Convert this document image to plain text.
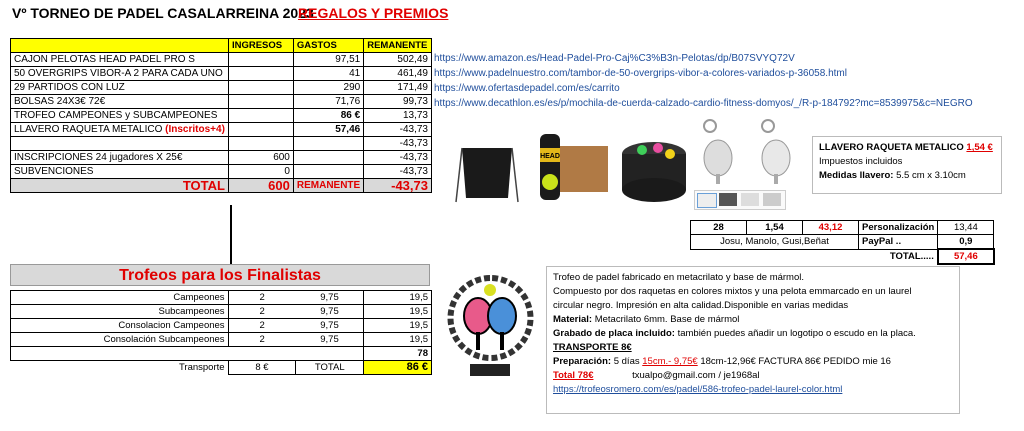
Vº TORNEO DE PADEL CASALARREINA 2023
REGALOS Y PREMIOS
	INGRESOS	GASTOS	REMANENTE
CAJON PELOTAS HEAD PADEL PRO S		97,51	502,49
50 OVERGRIPS VIBOR-A 2 PARA CADA UNO		41	461,49
29 PARTIDOS CON LUZ		290	171,49
BOLSAS 24X3€ 72€		71,76	99,73
TROFEO CAMPEONES y SUBCAMPEONES		86 €	13,73
LLAVERO RAQUETA METALICO (Inscritos+4)		57,46	-43,73
			-43,73
INSCRIPCIONES 24 jugadores X 25€	600		-43,73
SUBVENCIONES	0		-43,73
TOTAL	600	REMANENTE	-43,73
https://www.amazon.es/Head-Padel-Pro-Caj%C3%B3n-Pelotas/dp/B07SVYQ72V
https://www.padelnuestro.com/tambor-de-50-overgrips-vibor-a-colores-variados-p-36058.html
https://www.ofertasdepadel.com/es/carrito
https://www.decathlon.es/es/p/mochila-de-cuerda-calzado-cardio-fitness-domyos/_/R-p-184792?mc=8539975&c=NEGRO
HEAD
LLAVERO RAQUETA METALICO 1,54 €
Impuestos incluidos
Medidas llavero: 5.5 cm x 3.10cm
28	1,54	43,12	Personalización	13,44
Josu, Manolo, Gusi,Beñat			PayPal ..	0,9
			TOTAL.....	57,46
Trofeos para los Finalistas
Campeones	2	9,75	19,5
Subcampeones	2	9,75	19,5
Consolacion Campeones	2	9,75	19,5
Consolación Subcampeones	2	9,75	19,5
			78
Transporte	8 €	TOTAL	86 €
Trofeo de padel fabricado en metacrilato y base de mármol.
Compuesto por dos raquetas en colores mixtos y una pelota emmarcado en un laurel
circular negro. Impresión en alta calidad.Disponible en varias medidas
Material: Metacrilato 6mm. Base de mármol
Grabado de placa incluido: también puedes añadir un logotipo o escudo en la placa.
TRANSPORTE 8€
Preparación: 5 días 15cm.- 9,75€ 18cm-12,96€ FACTURA 86€ PEDIDO mie 16
Total 78€	txualpo@gmail.com / je1968al
https://trofeosromero.com/es/padel/586-trofeo-padel-laurel-color.html
